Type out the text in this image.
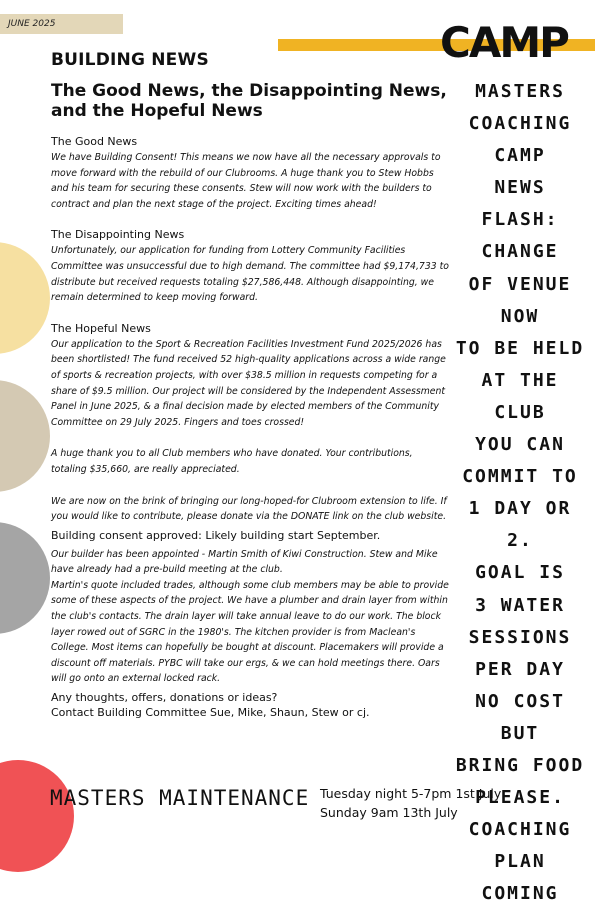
JUNE 2025	CAMP
BUILDING NEWS
The Good News, the Disappointing News, and the Hopeful News
The Good News

We have Building Consent! This means we now have all the necessary approvals to move forward with the rebuild of our Clubrooms. A huge thank you to Stew Hobbs and his team for securing these consents. Stew will now work with the builders to contract and plan the next stage of the project. Exciting times ahead!

The Disappointing News

Unfortunately, our application for funding from Lottery Community Facilities Committee was unsuccessful due to high demand. The committee had $9,174,733 to distribute but received requests totaling $27,586,448. Although disappointing, we remain determined to keep moving forward.

The Hopeful News

Our application to the Sport & Recreation Facilities Investment Fund 2025/2026 has been shortlisted! The fund received 52 high-quality applications across a wide range of sports & recreation projects, with over $38.5 million in requests competing for a share of $9.5 million. Our project will be considered by the Independent Assessment Panel in June 2025, & a final decision made by elected members of the Community Committee on 29 July 2025. Fingers and toes crossed!

A huge thank you to all Club members who have donated. Your contributions, totaling $35,660, are really appreciated.

We are now on the brink of bringing our long-hoped-for Clubroom extension to life. If you would like to contribute, please donate via the DONATE link on the club website.

Building consent approved: Likely building start September.

Our builder has been appointed - Martin Smith of Kiwi Construction. Stew and Mike have already had a pre-build meeting at the club.

Martin's quote included trades, although some club members may be able to provide some of these aspects of the project. We have a plumber and drain layer from within the club's contacts. The drain layer will take annual leave to do our work. The block layer rowed out of SGRC in the 1980's. The kitchen provider is from Maclean's College. Most items can hopefully be bought at discount. Placemakers will provide a discount off materials. PYBC will take our ergs, & we can hold meetings there. Oars will go onto an external locked rack.

Any thoughts, offers, donations or ideas?
Contact Building Committee Sue, Mike, Shaun, Stew or cj.
MASTERS
COACHING
CAMP
NEWS FLASH:
CHANGE
OF VENUE
NOW
TO BE HELD
AT THE CLUB
YOU CAN
COMMIT TO
1 DAY OR 2.
GOAL IS
3 WATER
SESSIONS
PER DAY
NO COST
BUT
BRING FOOD
PLEASE.
COACHING
PLAN COMING
MASTERS MAINTENANCE Tuesday night 5-7pm 1st July
Sunday 9am 13th July
